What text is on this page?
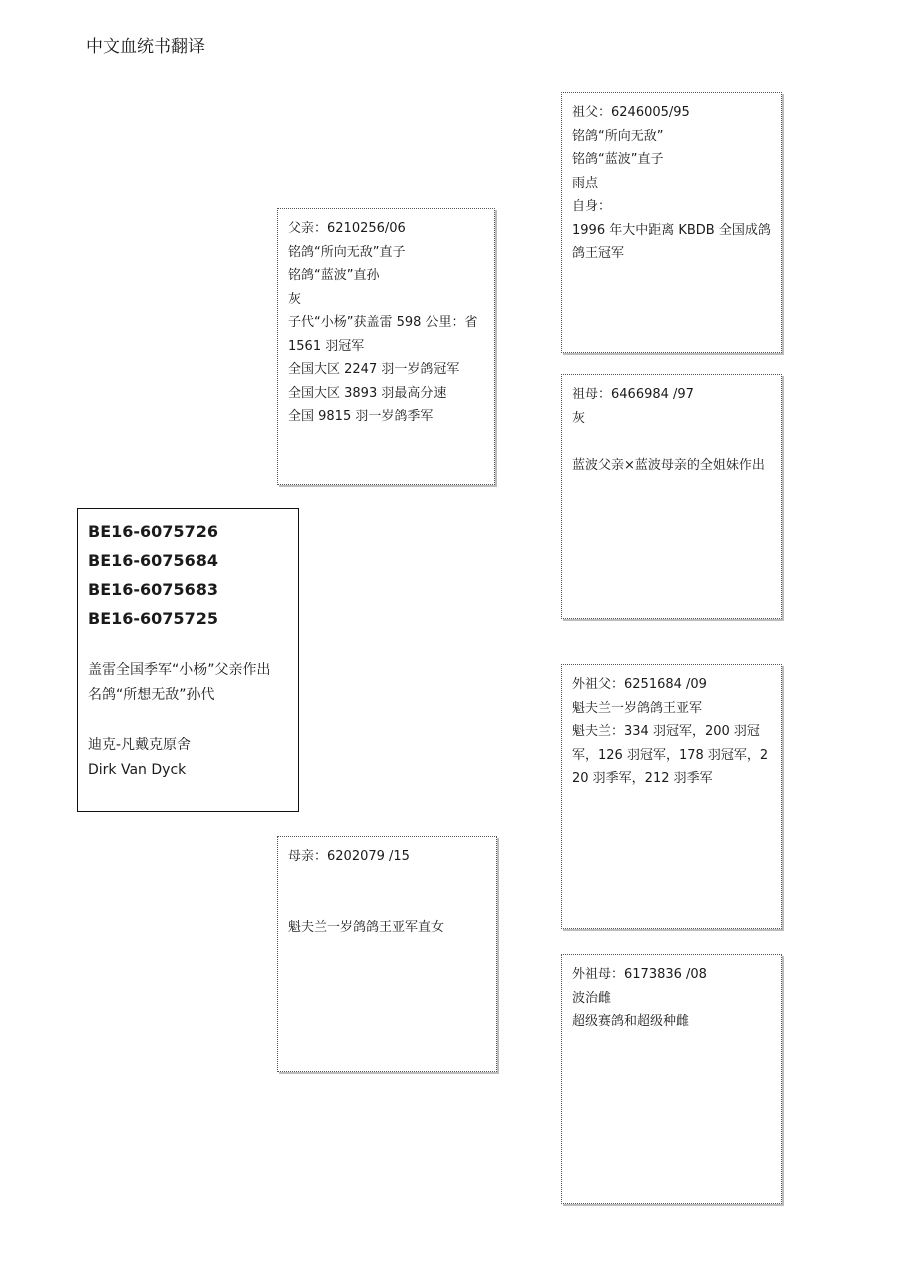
中文血统书翻译
BE16-6075726
BE16-6075684
BE16-6075683
BE16-6075725
盖雷全国季军“小杨”父亲作出
名鸽“所想无敌”孙代
迪克-凡戴克原舍
Dirk Van Dyck
父亲：6210256/06
铭鸽“所向无敌”直子
铭鸽“蓝波”直孙
灰
子代“小杨”获盖雷 598 公里：省 1561 羽冠军
全国大区 2247 羽一岁鸽冠军
全国大区 3893 羽最高分速
全国 9815 羽一岁鸽季军
母亲：6202079 /15
魁夫兰一岁鸽鸽王亚军直女
祖父：6246005/95
铭鸽“所向无敌”
铭鸽“蓝波”直子
雨点
自身：
1996 年大中距离 KBDB 全国成鸽鸽王冠军
祖母：6466984 /97
灰
蓝波父亲×蓝波母亲的全姐妹作出
外祖父：6251684 /09
魁夫兰一岁鸽鸽王亚军
魁夫兰：334 羽冠军，200 羽冠军，126 羽冠军，178 羽冠军，220 羽季军，212 羽季军
外祖母：6173836 /08
波治雌
超级赛鸽和超级种雌
